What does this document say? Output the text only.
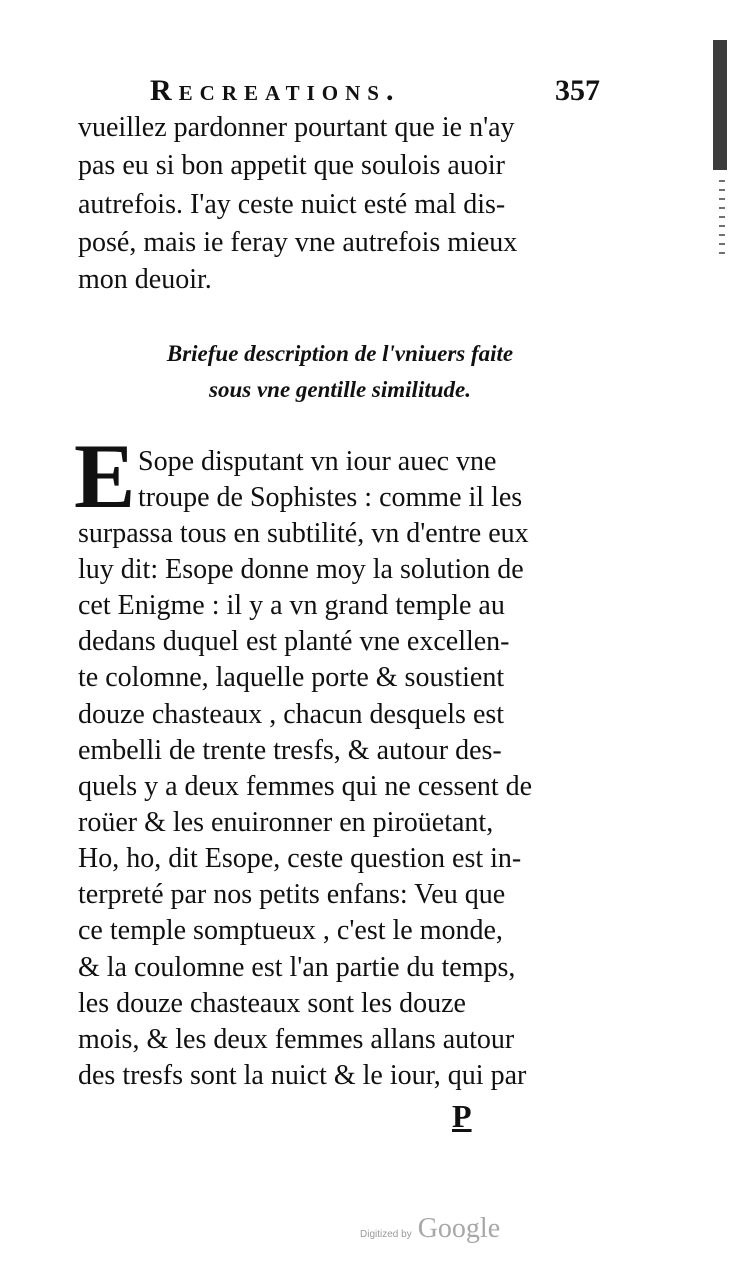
Recreations.	357
vueillez pardonner pourtant que ie n'ay
pas eu si bon appetit que soulois auoir
autrefois. I'ay ceste nuict esté mal dis-
posé, mais ie feray vne autrefois mieux
mon deuoir.
Briefue description de l'vniuers faite
sous vne gentille similitude.
E Sope disputant vn iour auec vne
troupe de Sophistes : comme il les
surpassa tous en subtilité, vn d'entre eux
luy dit: Esope donne moy la solution de
cet Enigme : il y a vn grand temple au
dedans duquel est planté vne excellen-
te colomne, laquelle porte & soustient
douze chasteaux , chacun desquels est
embelli de trente tresfs, & autour des-
quels y a deux femmes qui ne cessent de
roüer & les enuironner en piroüetant,
Ho, ho, dit Esope, ceste question est in-
terpreté par nos petits enfans: Veu que
ce temple somptueux , c'est le monde,
& la coulomne est l'an partie du temps,
les douze chasteaux sont les douze
mois, & les deux femmes allans autour
des tresfs sont la nuict & le iour, qui par
P
Digitized by Google
